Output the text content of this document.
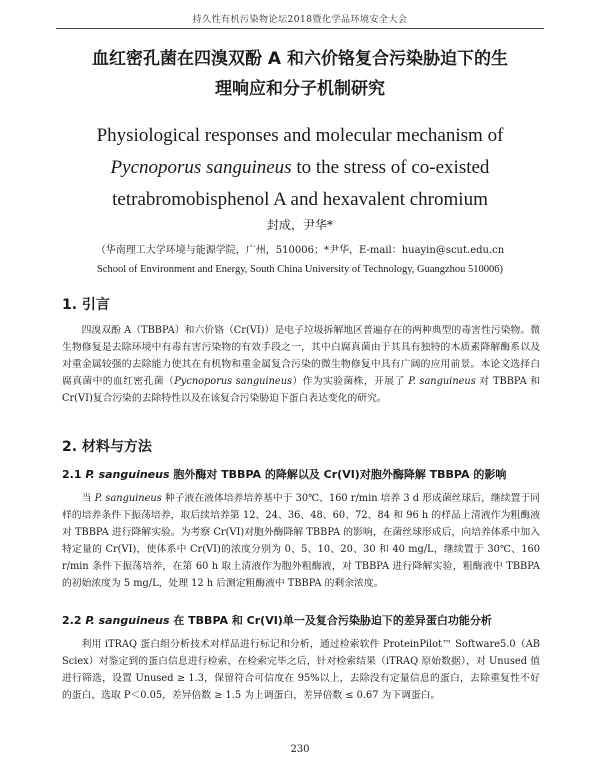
持久性有机污染物论坛2018暨化学品环境安全大会
血红密孔菌在四溴双酚 A 和六价铬复合污染胁迫下的生
理响应和分子机制研究
Physiological responses and molecular mechanism of
Pycnoporus sanguineus to the stress of co-existed
tetrabromobisphenol A and hexavalent chromium
封成，尹华*
（华南理工大学环境与能源学院，广州，510006；*尹华，E-mail：huayin@scut.edu.cn
School of Environment and Energy, South China University of Technology, Guangzhou 510006)
1. 引言

四溴双酚 A（TBBPA）和六价铬（Cr(VI)）是电子垃圾拆解地区普遍存在的两种典型的毒害性污染物。微生物修复是去除环境中有毒有害污染物的有效手段之一，其中白腐真菌由于其具有独特的木质素降解酶系以及对重金属较强的去除能力使其在有机物和重金属复合污染的微生物修复中具有广阔的应用前景。本论文选择白腐真菌中的血红密孔菌（Pycnoporus sanguineus）作为实验菌株，开展了 P. sanguineus 对 TBBPA 和 Cr(VI)复合污染的去除特性以及在该复合污染胁迫下蛋白表达变化的研究。

2. 材料与方法
2.1 P. sanguineus 胞外酶对 TBBPA 的降解以及 Cr(VI)对胞外酶降解 TBBPA 的影响

当 P. sanguineus 种子液在液体培养培养基中于 30℃、160 r/min 培养 3 d 形成菌丝球后，继续置于同样的培养条件下振荡培养，取后续培养第 12、24、36、48、60、72、84 和 96 h 的样品上清液作为粗酶液对 TBBPA 进行降解实验。为考察 Cr(VI)对胞外酶降解 TBBPA 的影响，在菌丝球形成后，向培养体系中加入特定量的 Cr(VI)，使体系中 Cr(VI)的浓度分别为 0、5、10、20、30 和 40 mg/L，继续置于 30℃、160 r/min 条件下振荡培养，在第 60 h 取上清液作为胞外粗酶液，对 TBBPA 进行降解实验，粗酶液中 TBBPA 的初始浓度为 5 mg/L，处理 12 h 后测定粗酶液中 TBBPA 的剩余浓度。

2.2 P. sanguineus 在 TBBPA 和 Cr(VI)单一及复合污染胁迫下的差异蛋白功能分析

利用 iTRAQ 蛋白组分析技术对样品进行标记和分析，通过检索软件 ProteinPilot™ Software5.0（AB Sciex）对鉴定到的蛋白信息进行检索，在检索完毕之后，针对检索结果（iTRAQ 原始数据），对 Unused 值进行筛选，设置 Unused ≥ 1.3，保留符合可信度在 95%以上，去除没有定量信息的蛋白，去除重复性不好的蛋白，选取 P＜0.05，差异倍数 ≥ 1.5 为上调蛋白，差异倍数 ≤ 0.67 为下调蛋白。

230
